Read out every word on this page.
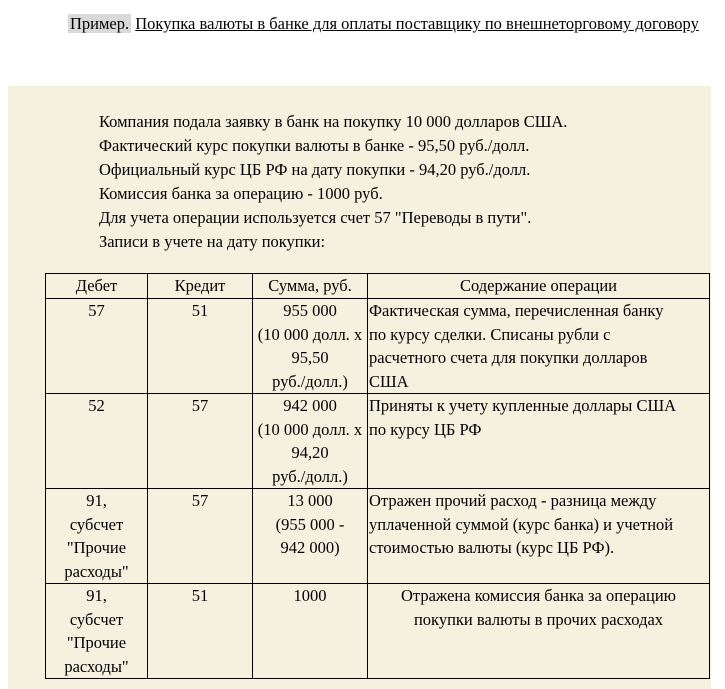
Пример. Покупка валюты в банке для оплаты поставщику по внешнеторговому договору

Компания подала заявку в банк на покупку 10 000 долларов США.

Фактический курс покупки валюты в банке - 95,50 руб./долл.

Официальный курс ЦБ РФ на дату покупки - 94,20 руб./долл.

Комиссия банка за операцию - 1000 руб.

Для учета операции используется счет 57 "Переводы в пути".

Записи в учете на дату покупки:

Дебет	Кредит	Сумма, руб.	Содержание операции

57	51	955 000
(10 000 долл. х
95,50
руб./долл.)	Фактическая сумма, перечисленная банку
по курсу сделки. Списаны рубли с
расчетного счета для покупки долларов
США

52	57	942 000
(10 000 долл. х
94,20
руб./долл.)	Приняты к учету купленные доллары США
по курсу ЦБ РФ

91,
субсчет
"Прочие
расходы"	57	13 000
(955 000 -
942 000)	Отражен прочий расход - разница между
уплаченной суммой (курс банка) и учетной
стоимостью валюты (курс ЦБ РФ).

91,
субсчет
"Прочие
расходы"	51	1000	Отражена комиссия банка за операцию
покупки валюты в прочих расходах
